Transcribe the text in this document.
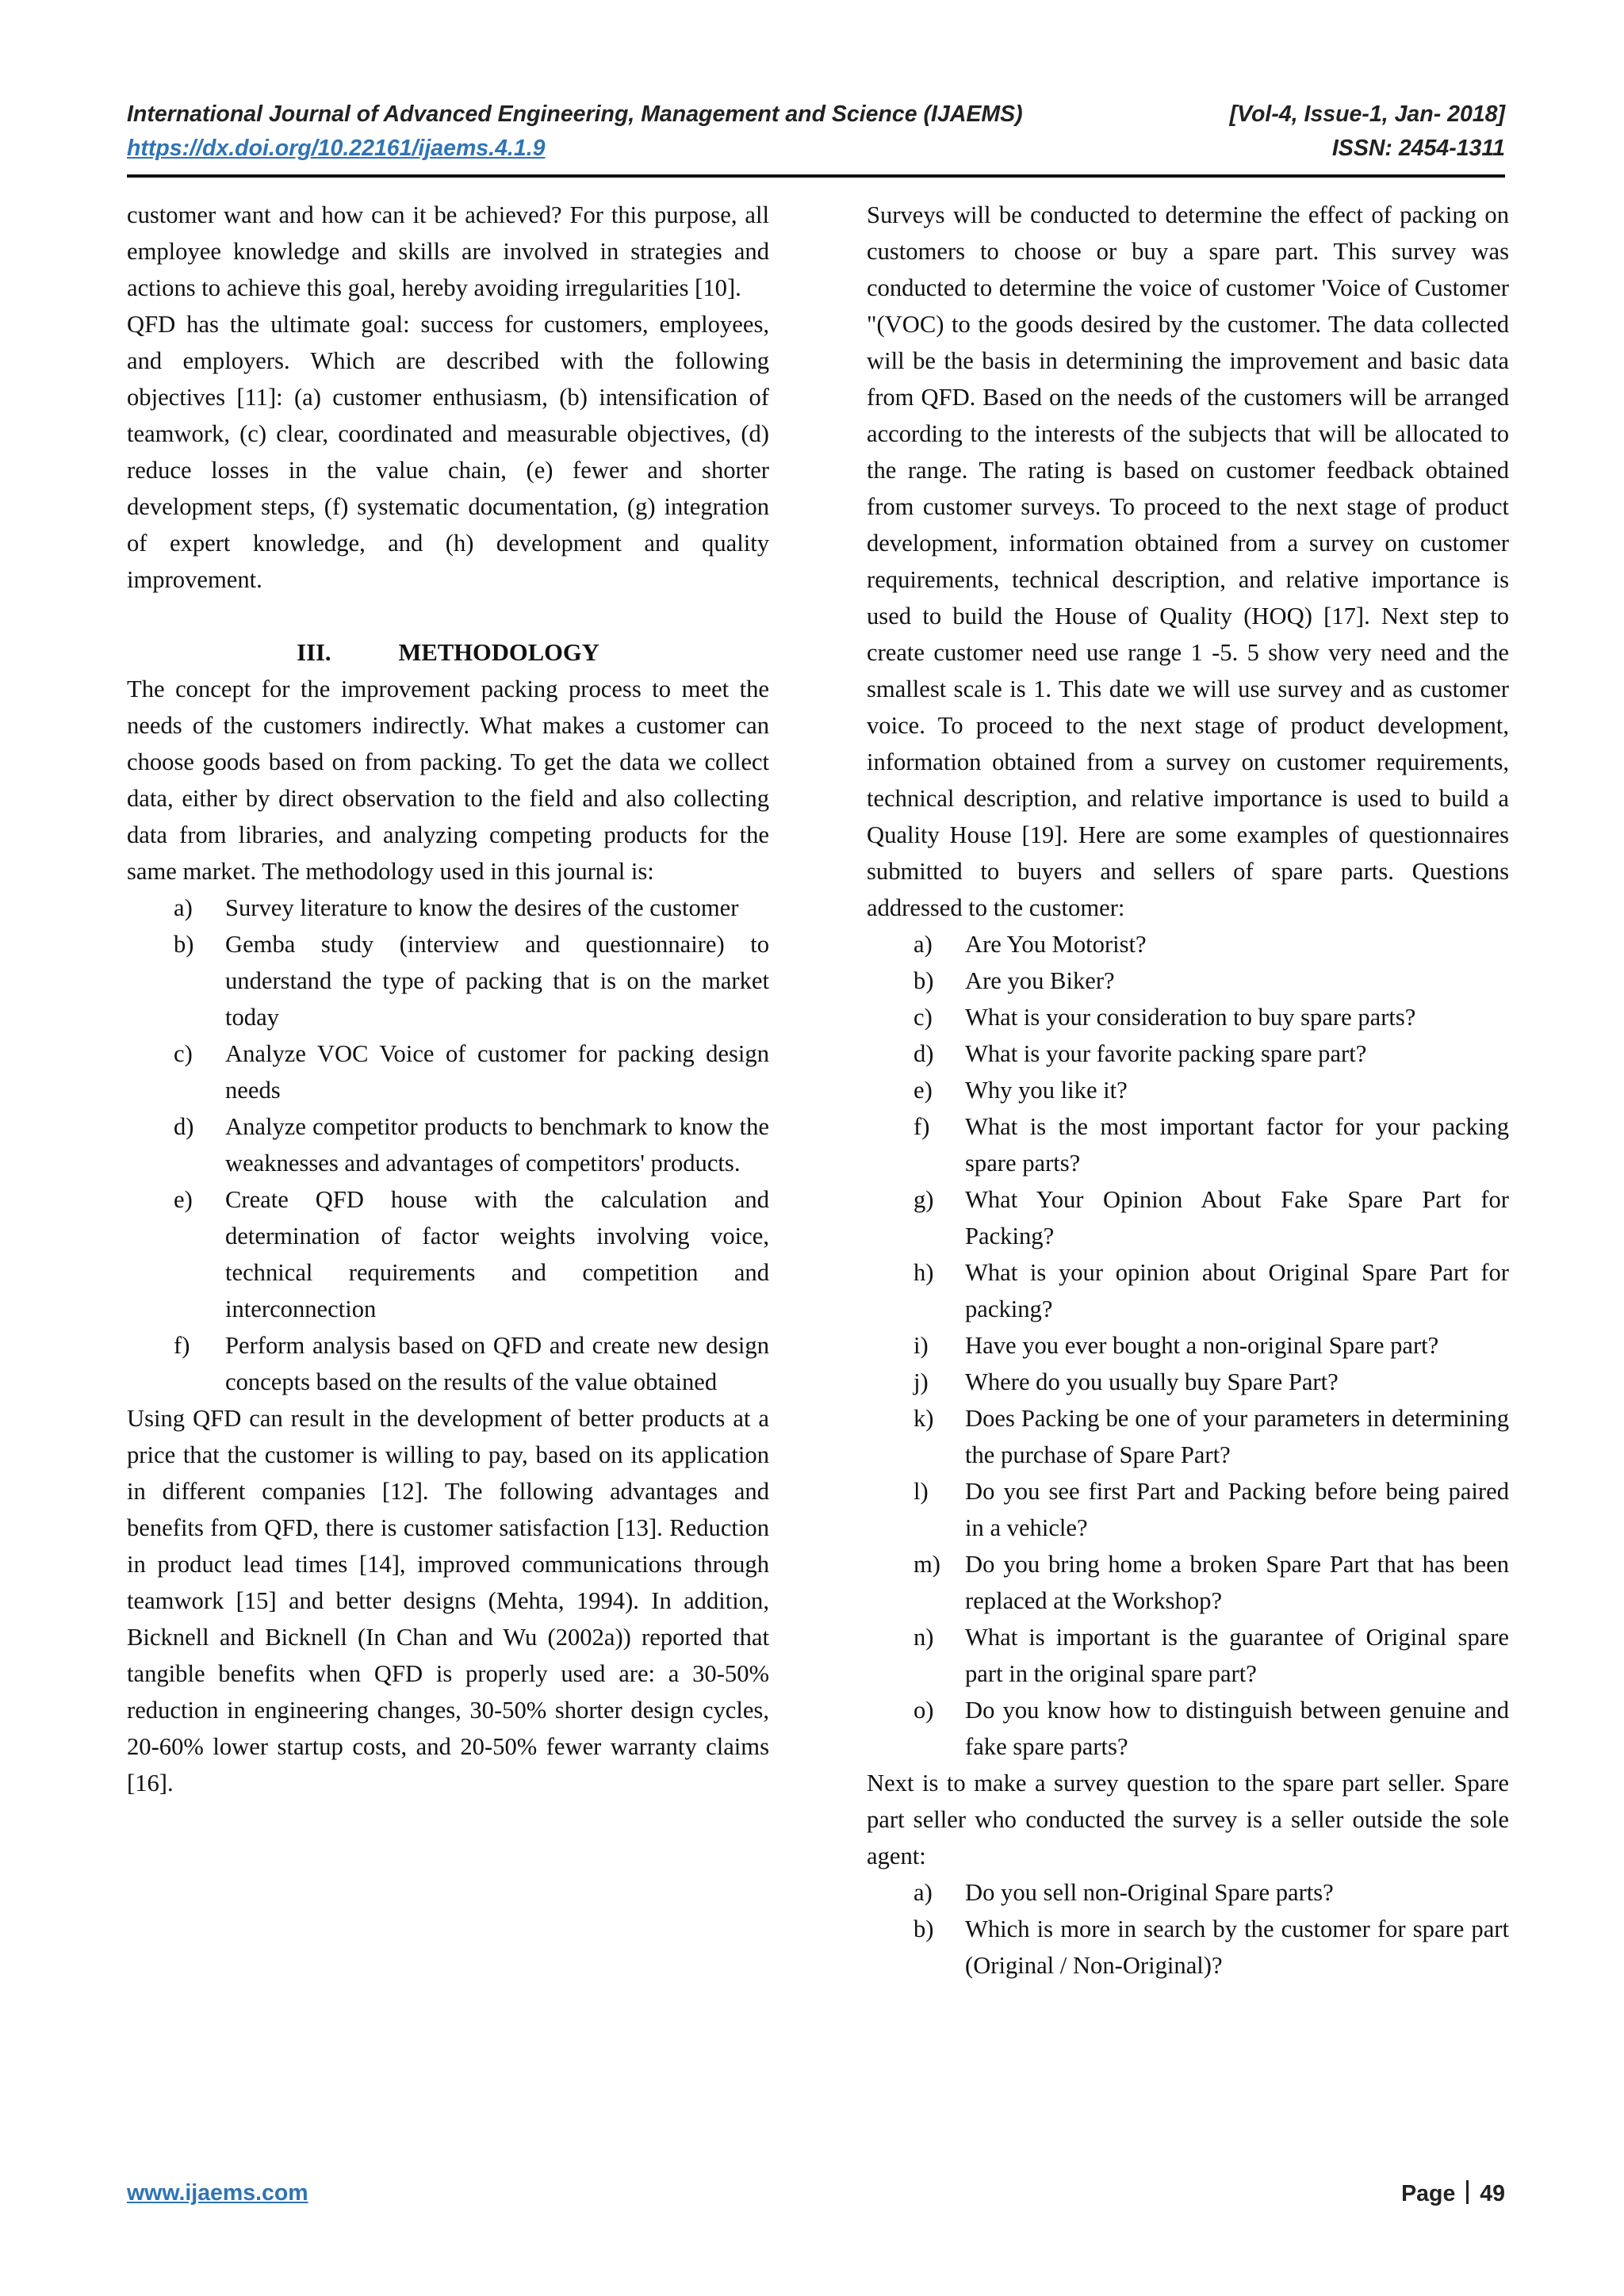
International Journal of Advanced Engineering, Management and Science (IJAEMS)	[Vol-4, Issue-1, Jan- 2018]
https://dx.doi.org/10.22161/ijaems.4.1.9	ISSN: 2454-1311

customer want and how can it be achieved? For this purpose, all employee knowledge and skills are involved in strategies and actions to achieve this goal, hereby avoiding irregularities [10].

QFD has the ultimate goal: success for customers, employees, and employers. Which are described with the following objectives [11]: (a) customer enthusiasm, (b) intensification of teamwork, (c) clear, coordinated and measurable objectives, (d) reduce losses in the value chain, (e) fewer and shorter development steps, (f) systematic documentation, (g) integration of expert knowledge, and (h) development and quality improvement.

III.	METHODOLOGY

The concept for the improvement packing process to meet the needs of the customers indirectly. What makes a customer can choose goods based on from packing. To get the data we collect data, either by direct observation to the field and also collecting data from libraries, and analyzing competing products for the same market. The methodology used in this journal is:

a) Survey literature to know the desires of the customer
b) Gemba study (interview and questionnaire) to understand the type of packing that is on the market today
c) Analyze VOC Voice of customer for packing design needs
d) Analyze competitor products to benchmark to know the weaknesses and advantages of competitors' products.
e) Create QFD house with the calculation and determination of factor weights involving voice, technical requirements and competition and interconnection
f) Perform analysis based on QFD and create new design concepts based on the results of the value obtained

Using QFD can result in the development of better products at a price that the customer is willing to pay, based on its application in different companies [12]. The following advantages and benefits from QFD, there is customer satisfaction [13]. Reduction in product lead times [14], improved communications through teamwork [15] and better designs (Mehta, 1994). In addition, Bicknell and Bicknell (In Chan and Wu (2002a)) reported that tangible benefits when QFD is properly used are: a 30-50% reduction in engineering changes, 30-50% shorter design cycles, 20-60% lower startup costs, and 20-50% fewer warranty claims [16].

Surveys will be conducted to determine the effect of packing on customers to choose or buy a spare part. This survey was conducted to determine the voice of customer 'Voice of Customer "(VOC) to the goods desired by the customer. The data collected will be the basis in determining the improvement and basic data from QFD. Based on the needs of the customers will be arranged according to the interests of the subjects that will be allocated to the range. The rating is based on customer feedback obtained from customer surveys. To proceed to the next stage of product development, information obtained from a survey on customer requirements, technical description, and relative importance is used to build the House of Quality (HOQ) [17]. Next step to create customer need use range 1 -5. 5 show very need and the smallest scale is 1. This date we will use survey and as customer voice. To proceed to the next stage of product development, information obtained from a survey on customer requirements, technical description, and relative importance is used to build a Quality House [19]. Here are some examples of questionnaires submitted to buyers and sellers of spare parts. Questions addressed to the customer:

a) Are You Motorist?
b) Are you Biker?
c) What is your consideration to buy spare parts?
d) What is your favorite packing spare part?
e) Why you like it?
f) What is the most important factor for your packing spare parts?
g) What Your Opinion About Fake Spare Part for Packing?
h) What is your opinion about Original Spare Part for packing?
i) Have you ever bought a non-original Spare part?
j) Where do you usually buy Spare Part?
k) Does Packing be one of your parameters in determining the purchase of Spare Part?
l) Do you see first Part and Packing before being paired in a vehicle?
m) Do you bring home a broken Spare Part that has been replaced at the Workshop?
n) What is important is the guarantee of Original spare part in the original spare part?
o) Do you know how to distinguish between genuine and fake spare parts?

Next is to make a survey question to the spare part seller. Spare part seller who conducted the survey is a seller outside the sole agent:

a) Do you sell non-Original Spare parts?
b) Which is more in search by the customer for spare part (Original / Non-Original)?
www.ijaems.com	Page 49
